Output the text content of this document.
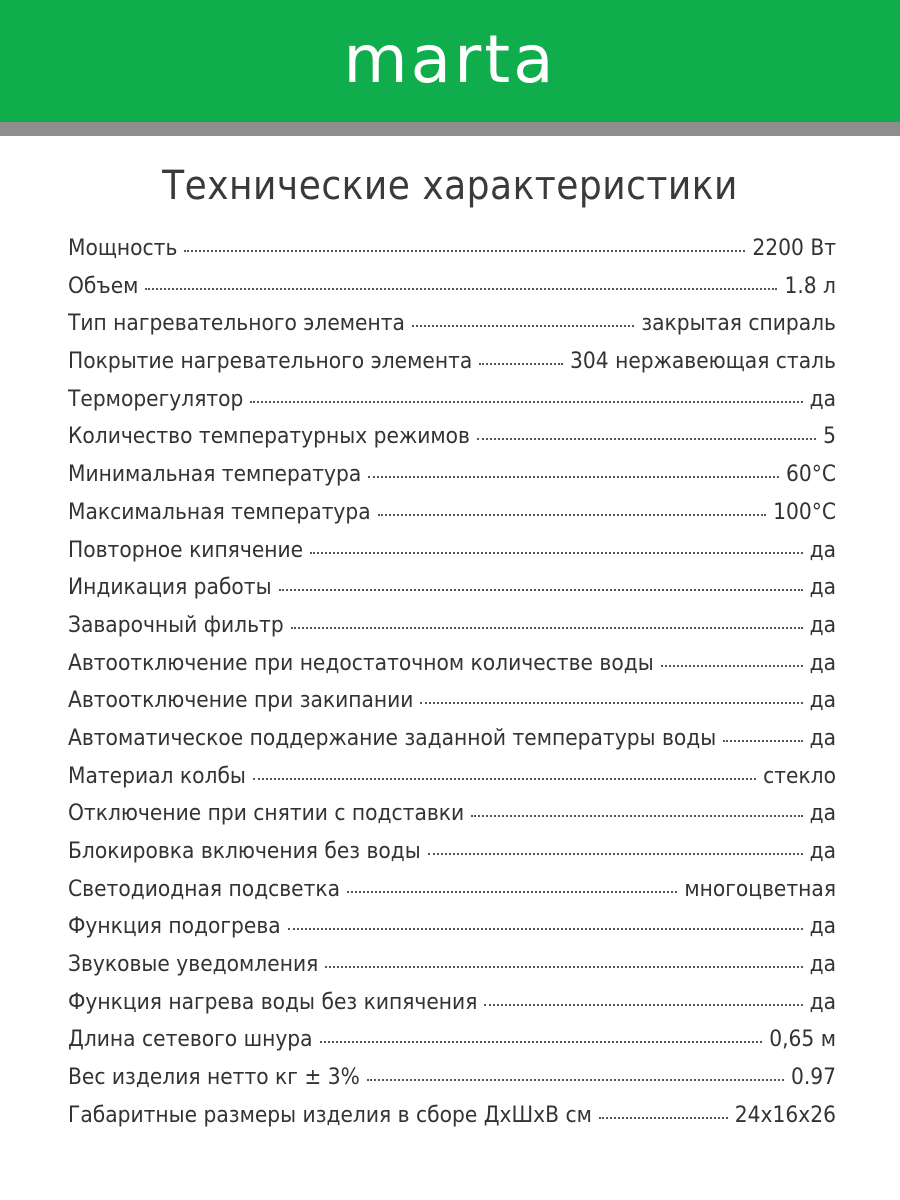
marta
Технические характеристики
Мощность	2200 Вт
Объем	1.8 л
Тип нагревательного элемента	закрытая спираль
Покрытие нагревательного элемента	304 нержавеющая сталь
Терморегулятор	да
Количество температурных режимов	5
Минимальная температура	60°C
Максимальная температура	100°C
Повторное кипячение	да
Индикация работы	да
Заварочный фильтр	да
Автоотключение при недостаточном количестве воды	да
Автоотключение при закипании	да
Автоматическое поддержание заданной температуры воды	да
Материал колбы	стекло
Отключение при снятии с подставки	да
Блокировка включения без воды	да
Светодиодная подсветка	многоцветная
Функция подогрева	да
Звуковые уведомления	да
Функция нагрева воды без кипячения	да
Длина сетевого шнура	0,65 м
Вес изделия нетто кг ± 3%	0.97
Габаритные размеры изделия в сборе ДхШхВ см	24x16x26
